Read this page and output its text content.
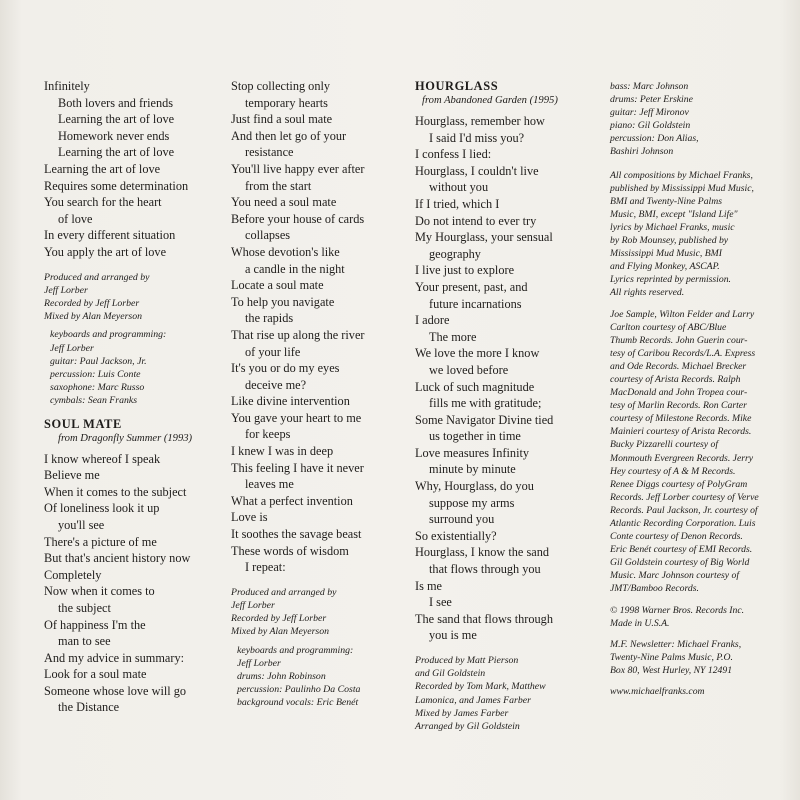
Infinitely
Both lovers and friends
Learning the art of love
Homework never ends
Learning the art of love
Learning the art of love
Requires some determination
You search for the heart
of love
In every different situation
You apply the art of love
Produced and arranged by
Jeff Lorber
Recorded by Jeff Lorber
Mixed by Alan Meyerson
keyboards and programming:
Jeff Lorber
guitar: Paul Jackson, Jr.
percussion: Luis Conte
saxophone: Marc Russo
cymbals: Sean Franks
SOUL MATE
from Dragonfly Summer (1993)
I know whereof I speak
Believe me
When it comes to the subject
Of loneliness look it up
you'll see
There's a picture of me
But that's ancient history now
Completely
Now when it comes to
the subject
Of happiness I'm the
man to see
And my advice in summary:
Look for a soul mate
Someone whose love will go
the Distance
Stop collecting only
temporary hearts
Just find a soul mate
And then let go of your
resistance
You'll live happy ever after
from the start
You need a soul mate
Before your house of cards
collapses
Whose devotion's like
a candle in the night
Locate a soul mate
To help you navigate
the rapids
That rise up along the river
of your life
It's you or do my eyes
deceive me?
Like divine intervention
You gave your heart to me
for keeps
I knew I was in deep
This feeling I have it never
leaves me
What a perfect invention
Love is
It soothes the savage beast
These words of wisdom
I repeat:
Produced and arranged by
Jeff Lorber
Recorded by Jeff Lorber
Mixed by Alan Meyerson
keyboards and programming:
Jeff Lorber
drums: John Robinson
percussion: Paulinho Da Costa
background vocals: Eric Benét
HOURGLASS
from Abandoned Garden (1995)
Hourglass, remember how
I said I'd miss you?
I confess I lied:
Hourglass, I couldn't live
without you
If I tried, which I
Do not intend to ever try
My Hourglass, your sensual
geography
I live just to explore
Your present, past, and
future incarnations
I adore
The more
We love the more I know
we loved before
Luck of such magnitude
fills me with gratitude;
Some Navigator Divine tied
us together in time
Love measures Infinity
minute by minute
Why, Hourglass, do you
suppose my arms
surround you
So existentially?
Hourglass, I know the sand
that flows through you
Is me
I see
The sand that flows through
you is me
Produced by Matt Pierson
and Gil Goldstein
Recorded by Tom Mark, Matthew
Lamonica, and James Farber
Mixed by James Farber
Arranged by Gil Goldstein
bass: Marc Johnson
drums: Peter Erskine
guitar: Jeff Mironov
piano: Gil Goldstein
percussion: Don Alias,
Bashiri Johnson
All compositions by Michael Franks,
published by Mississippi Mud Music,
BMI and Twenty-Nine Palms
Music, BMI, except "Island Life"
lyrics by Michael Franks, music
by Rob Mounsey, published by
Mississippi Mud Music, BMI
and Flying Monkey, ASCAP.
Lyrics reprinted by permission.
All rights reserved.
Joe Sample, Wilton Felder and Larry
Carlton courtesy of ABC/Blue
Thumb Records. John Guerin cour-
tesy of Caribou Records/L.A. Express
and Ode Records. Michael Brecker
courtesy of Arista Records. Ralph
MacDonald and John Tropea cour-
tesy of Marlin Records. Ron Carter
courtesy of Milestone Records. Mike
Mainieri courtesy of Arista Records.
Bucky Pizzarelli courtesy of
Monmouth Evergreen Records. Jerry
Hey courtesy of A & M Records.
Renee Diggs courtesy of PolyGram
Records. Jeff Lorber courtesy of Verve
Records. Paul Jackson, Jr. courtesy of
Atlantic Recording Corporation. Luis
Conte courtesy of Denon Records.
Eric Benét courtesy of EMI Records.
Gil Goldstein courtesy of Big World
Music. Marc Johnson courtesy of
JMT/Bamboo Records.
© 1998 Warner Bros. Records Inc.
Made in U.S.A.
M.F. Newsletter: Michael Franks,
Twenty-Nine Palms Music, P.O.
Box 80, West Hurley, NY 12491
www.michaelfranks.com
